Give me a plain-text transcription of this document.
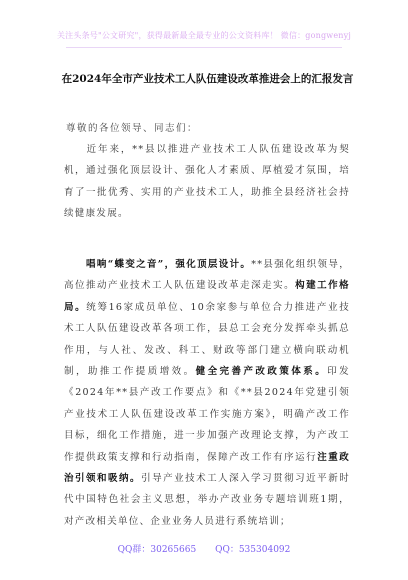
关注头条号"公文研究"，获得最新最全最专业的公文资料库！ 微信：gongwenyj
在2024年全市产业技术工人队伍建设改革推进会上的汇报发言
尊敬的各位领导、同志们：

近年来，**县以推进产业技术工人队伍建设改革为契机，通过强化顶层设计、强化人才素质、厚植爱才氛围，培育了一批优秀、实用的产业技术工人，助推全县经济社会持续健康发展。

唱响“蝶变之音”，强化顶层设计。**县强化组织领导，高位推动产业技术工人队伍建设改革走深走实。构建工作格局。统筹16家成员单位、10余家参与单位合力推进产业技术工人队伍建设改革各项工作，县总工会充分发挥牵头抓总作用，与人社、发改、科工、财政等部门建立横向联动机制，助推工作提质增效。健全完善产改政策体系。印发《2024年**县产改工作要点》和《**县2024年党建引领产业技术工人队伍建设改革工作实施方案》，明确产改工作目标，细化工作措施，进一步加强产改理论支撑，为产改工作提供政策支撑和行动指南，保障产改工作有序运行注重政治引领和吸纳。引导产业技术工人深入学习贯彻习近平新时代中国特色社会主义思想，举办产改业务专题培训班1期，对产改相关单位、企业业务人员进行系统培训；

QQ群：30265665 QQ：535304092
